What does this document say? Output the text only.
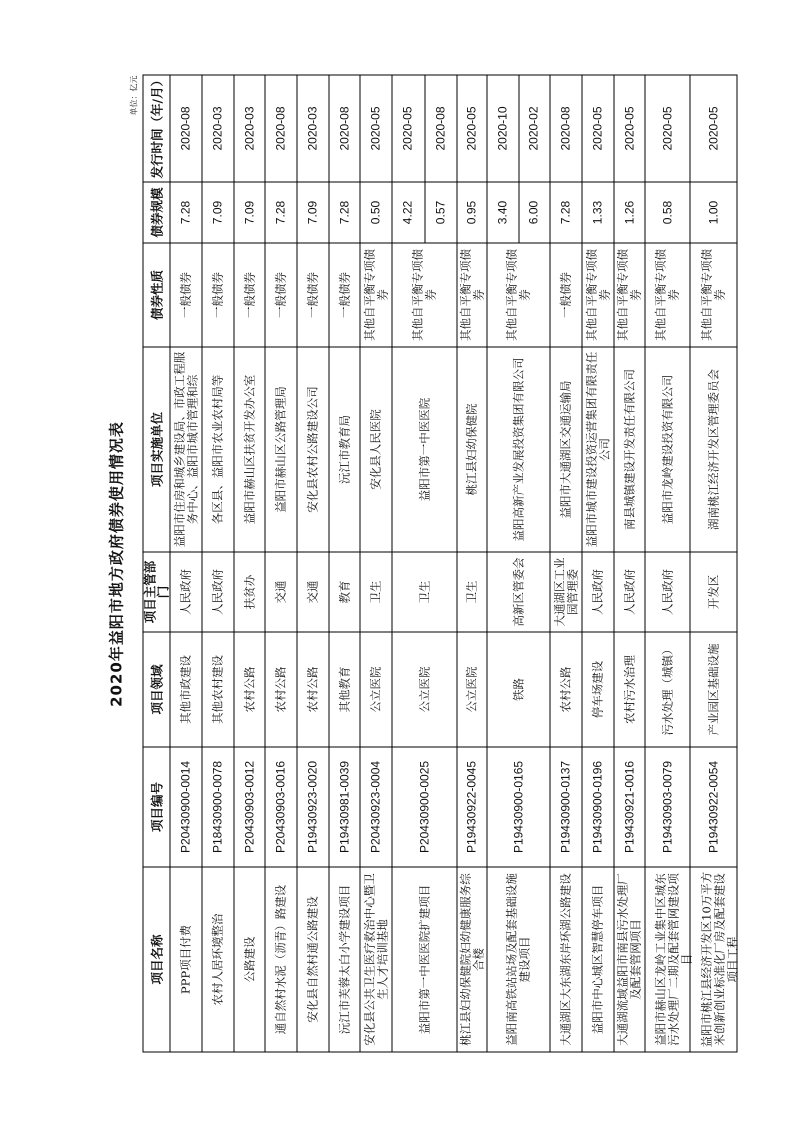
2020年益阳市地方政府债券使用情况表
单位：亿元
项目名称	项目编号	项目领域	项目主管部门	项目实施单位	债券性质	债券规模	发行时间（年/月）

PPP项目付费	P20430900-0014	其他市政建设	人民政府	益阳市住房和城乡建设局、市政工程服务中心、益阳市城市管理和综	一般债券	7.28	2020-08

农村人居环境整治	P18430900-0078	其他农村建设	人民政府	各区县、益阳市农业农村局等	一般债券	7.09	2020-03

公路建设	P20430903-0012	农村公路	扶贫办	益阳市赫山区扶贫开发办公室	一般债券	7.09	2020-03

通自然村水泥（沥青）路建设	P20430903-0016	农村公路	交通	益阳市赫山区公路管理局	一般债券	7.28	2020-08

安化县自然村通公路建设	P19430923-0020	农村公路	交通	安化县农村公路建设公司	一般债券	7.09	2020-03

沅江市芙蓉太白小学建设项目	P19430981-0039	其他教育	教育	沅江市教育局	一般债券	7.28	2020-08

安化县公共卫生医疗救治中心暨卫生人才培训基地	P20430923-0004	公立医院	卫生	安化县人民医院	其他自平衡专项债券	0.50	2020-05

益阳市第一中医医院扩建项目	P20430900-0025	公立医院	卫生	益阳市第一中医医院	其他自平衡专项债券	4.22	2020-05

						0.57	2020-08

桃江县妇幼保健院妇幼健康服务综合楼	P19430922-0045	公立医院	卫生	桃江县妇幼保健院	其他自平衡专项债券	0.95	2020-05

益阳南高铁站站场及配套基础设施建设项目	P19430900-0165	铁路	高新区管委会	益阳高新产业发展投资集团有限公司	其他自平衡专项债券	3.40	2020-10

						6.00	2020-02

大通湖区大东湖东岸环湖公路建设	P19430900-0137	农村公路	大通湖区工业园管理委	益阳市大通湖区交通运输局	一般债券	7.28	2020-08

益阳市中心城区智慧停车项目	P19430900-0196	停车场建设	人民政府	益阳市城市建设投资运营集团有限责任公司	其他自平衡专项债券	1.33	2020-05

大通湖流域益阳市南县污水处理厂及配套管网项目	P19430921-0016	农村污水治理	人民政府	南县城镇建设开发责任有限公司	其他自平衡专项债券	1.26	2020-05

益阳市赫山区龙岭工业集中区城东污水处理厂二期及配套管网建设项目	P19430903-0079	污水处理（城镇）	人民政府	益阳市龙岭建设投资有限公司	其他自平衡专项债券	0.58	2020-05

益阳市桃江县经济开发区10万平方米创新创业标准化厂房及配套建设项目工程	P19430922-0054	产业园区基础设施	开发区	湖南桃江经济开发区管理委员会	其他自平衡专项债券	1.00	2020-05
